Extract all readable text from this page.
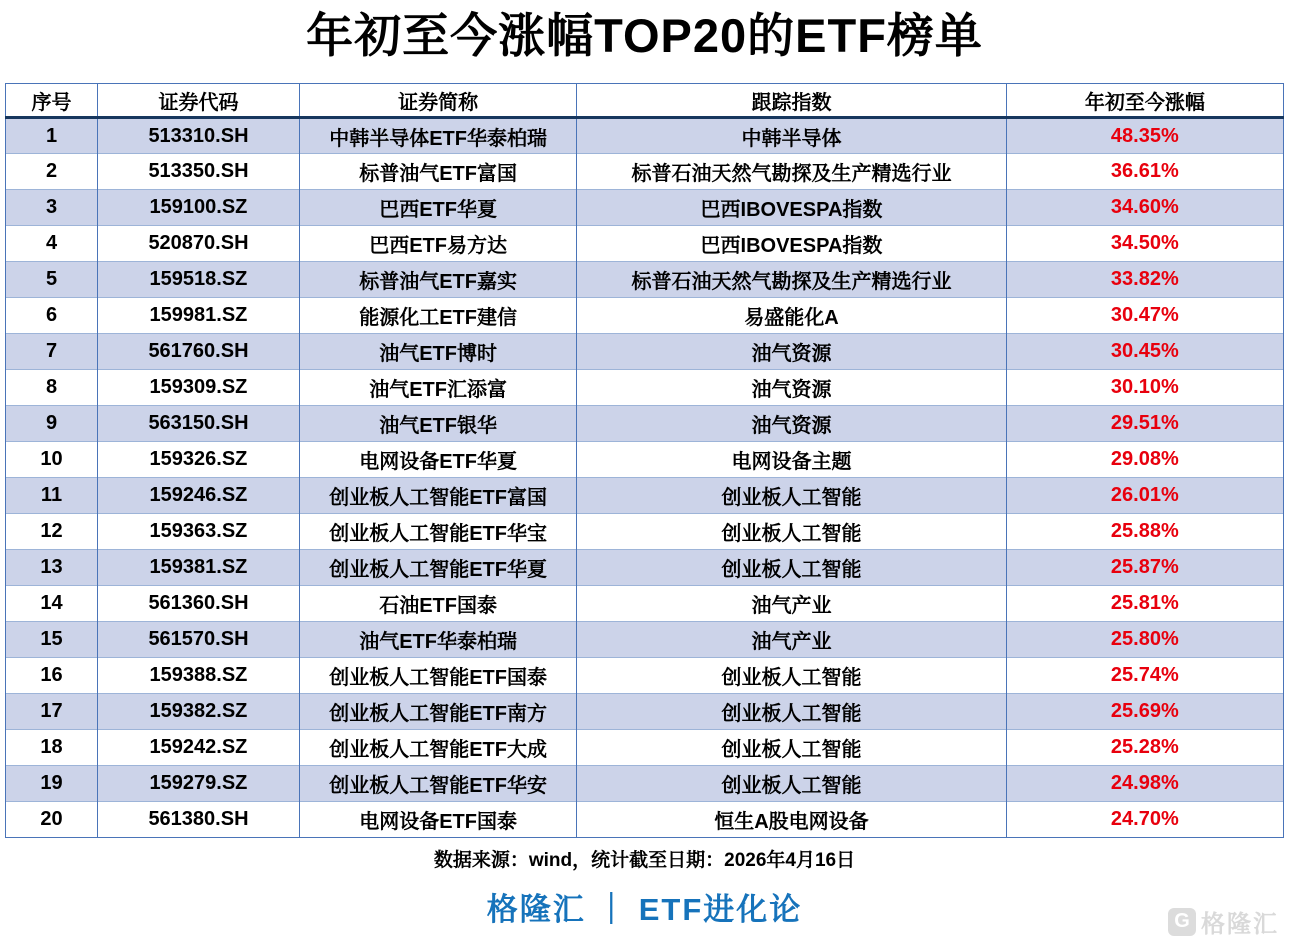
年初至今涨幅TOP20的ETF榜单
序号	证券代码	证券简称	跟踪指数	年初至今涨幅
1	513310.SH	中韩半导体ETF华泰柏瑞	中韩半导体	48.35%
2	513350.SH	标普油气ETF富国	标普石油天然气勘探及生产精选行业	36.61%
3	159100.SZ	巴西ETF华夏	巴西IBOVESPA指数	34.60%
4	520870.SH	巴西ETF易方达	巴西IBOVESPA指数	34.50%
5	159518.SZ	标普油气ETF嘉实	标普石油天然气勘探及生产精选行业	33.82%
6	159981.SZ	能源化工ETF建信	易盛能化A	30.47%
7	561760.SH	油气ETF博时	油气资源	30.45%
8	159309.SZ	油气ETF汇添富	油气资源	30.10%
9	563150.SH	油气ETF银华	油气资源	29.51%
10	159326.SZ	电网设备ETF华夏	电网设备主题	29.08%
11	159246.SZ	创业板人工智能ETF富国	创业板人工智能	26.01%
12	159363.SZ	创业板人工智能ETF华宝	创业板人工智能	25.88%
13	159381.SZ	创业板人工智能ETF华夏	创业板人工智能	25.87%
14	561360.SH	石油ETF国泰	油气产业	25.81%
15	561570.SH	油气ETF华泰柏瑞	油气产业	25.80%
16	159388.SZ	创业板人工智能ETF国泰	创业板人工智能	25.74%
17	159382.SZ	创业板人工智能ETF南方	创业板人工智能	25.69%
18	159242.SZ	创业板人工智能ETF大成	创业板人工智能	25.28%
19	159279.SZ	创业板人工智能ETF华安	创业板人工智能	24.98%
20	561380.SH	电网设备ETF国泰	恒生A股电网设备	24.70%
数据来源：wind，统计截至日期：2026年4月16日
格隆汇 ｜ ETF进化论	G 格隆汇
